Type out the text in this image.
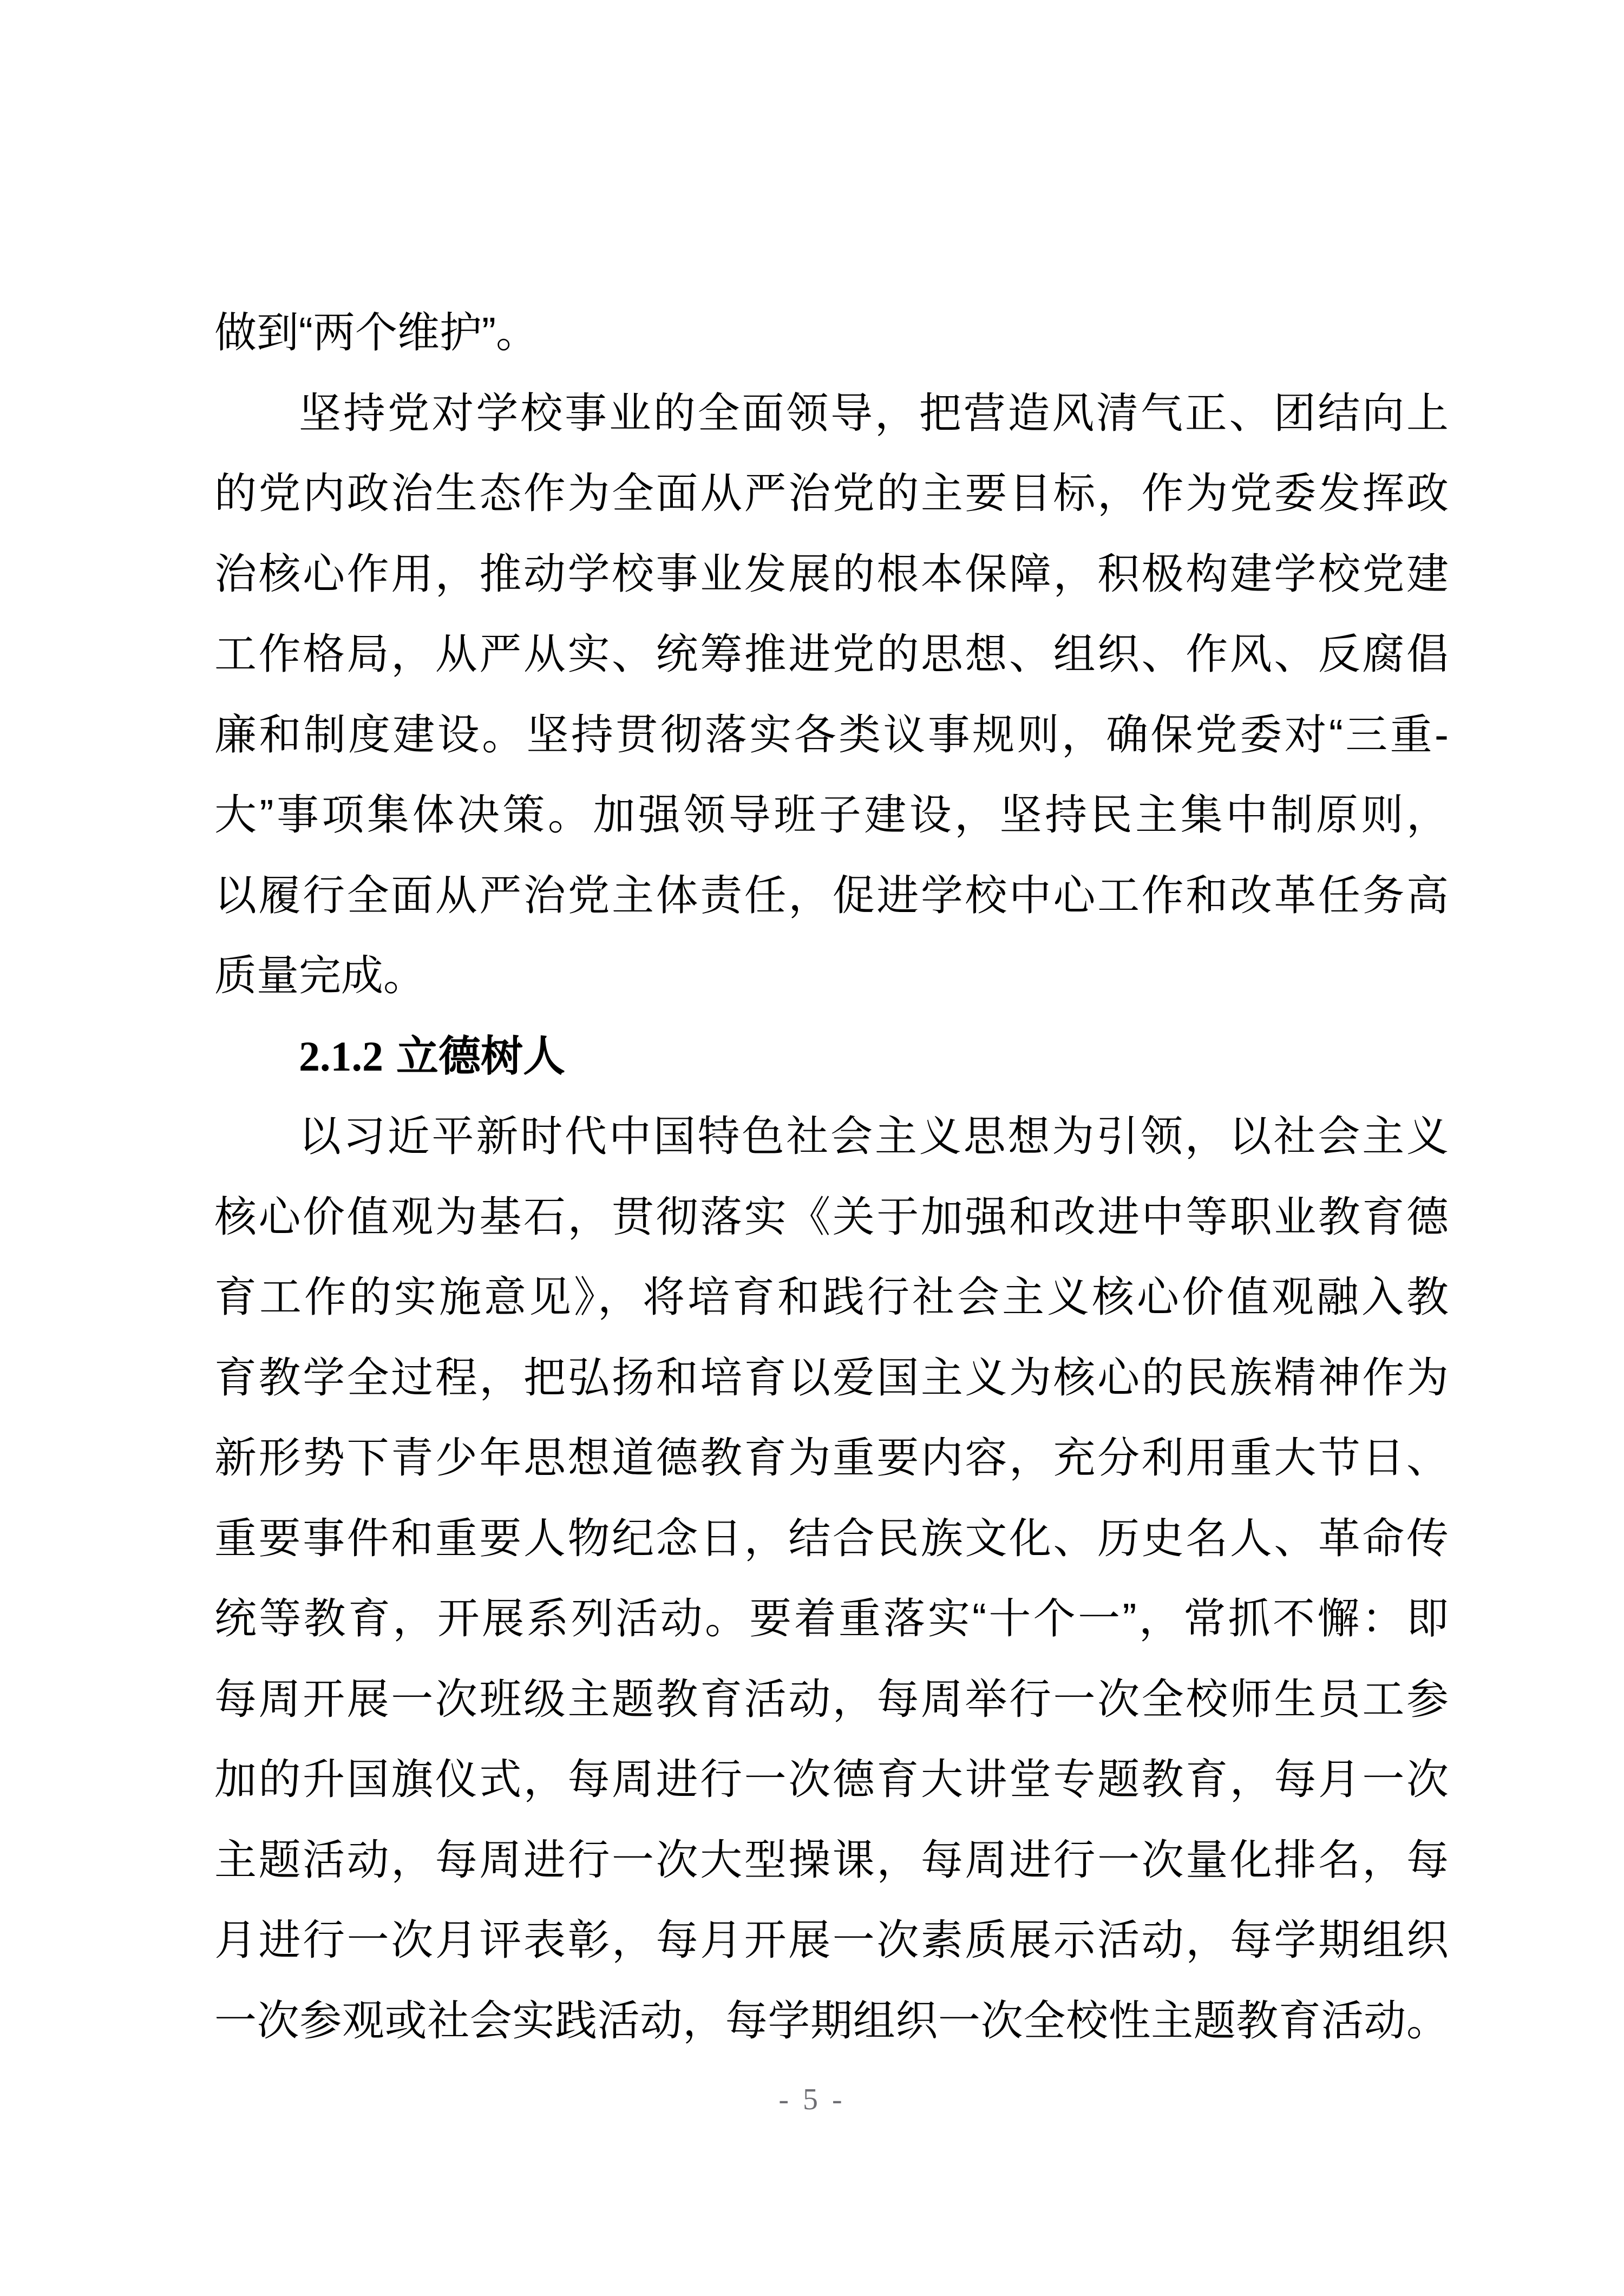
做到“两个维护”。
坚持党对学校事业的全面领导，把营造风清气正、团结向上
的党内政治生态作为全面从严治党的主要目标，作为党委发挥政
治核心作用，推动学校事业发展的根本保障，积极构建学校党建
工作格局，从严从实、统筹推进党的思想、组织、作风、反腐倡
廉和制度建设。坚持贯彻落实各类议事规则，确保党委对“三重-
大”事项集体决策。加强领导班子建设，坚持民主集中制原则，
以履行全面从严治党主体责任，促进学校中心工作和改革任务高
质量完成。
2.1.2 立德树人
以习近平新时代中国特色社会主义思想为引领，以社会主义
核心价值观为基石，贯彻落实《关于加强和改进中等职业教育德
育工作的实施意见》，将培育和践行社会主义核心价值观融入教
育教学全过程，把弘扬和培育以爱国主义为核心的民族精神作为
新形势下青少年思想道德教育为重要内容，充分利用重大节日、
重要事件和重要人物纪念日，结合民族文化、历史名人、革命传
统等教育，开展系列活动。要着重落实“十个一”，常抓不懈：即
每周开展一次班级主题教育活动，每周举行一次全校师生员工参
加的升国旗仪式，每周进行一次德育大讲堂专题教育，每月一次
主题活动，每周进行一次大型操课，每周进行一次量化排名，每
月进行一次月评表彰，每月开展一次素质展示活动，每学期组织
一次参观或社会实践活动，每学期组织一次全校性主题教育活动。
- 5 -
